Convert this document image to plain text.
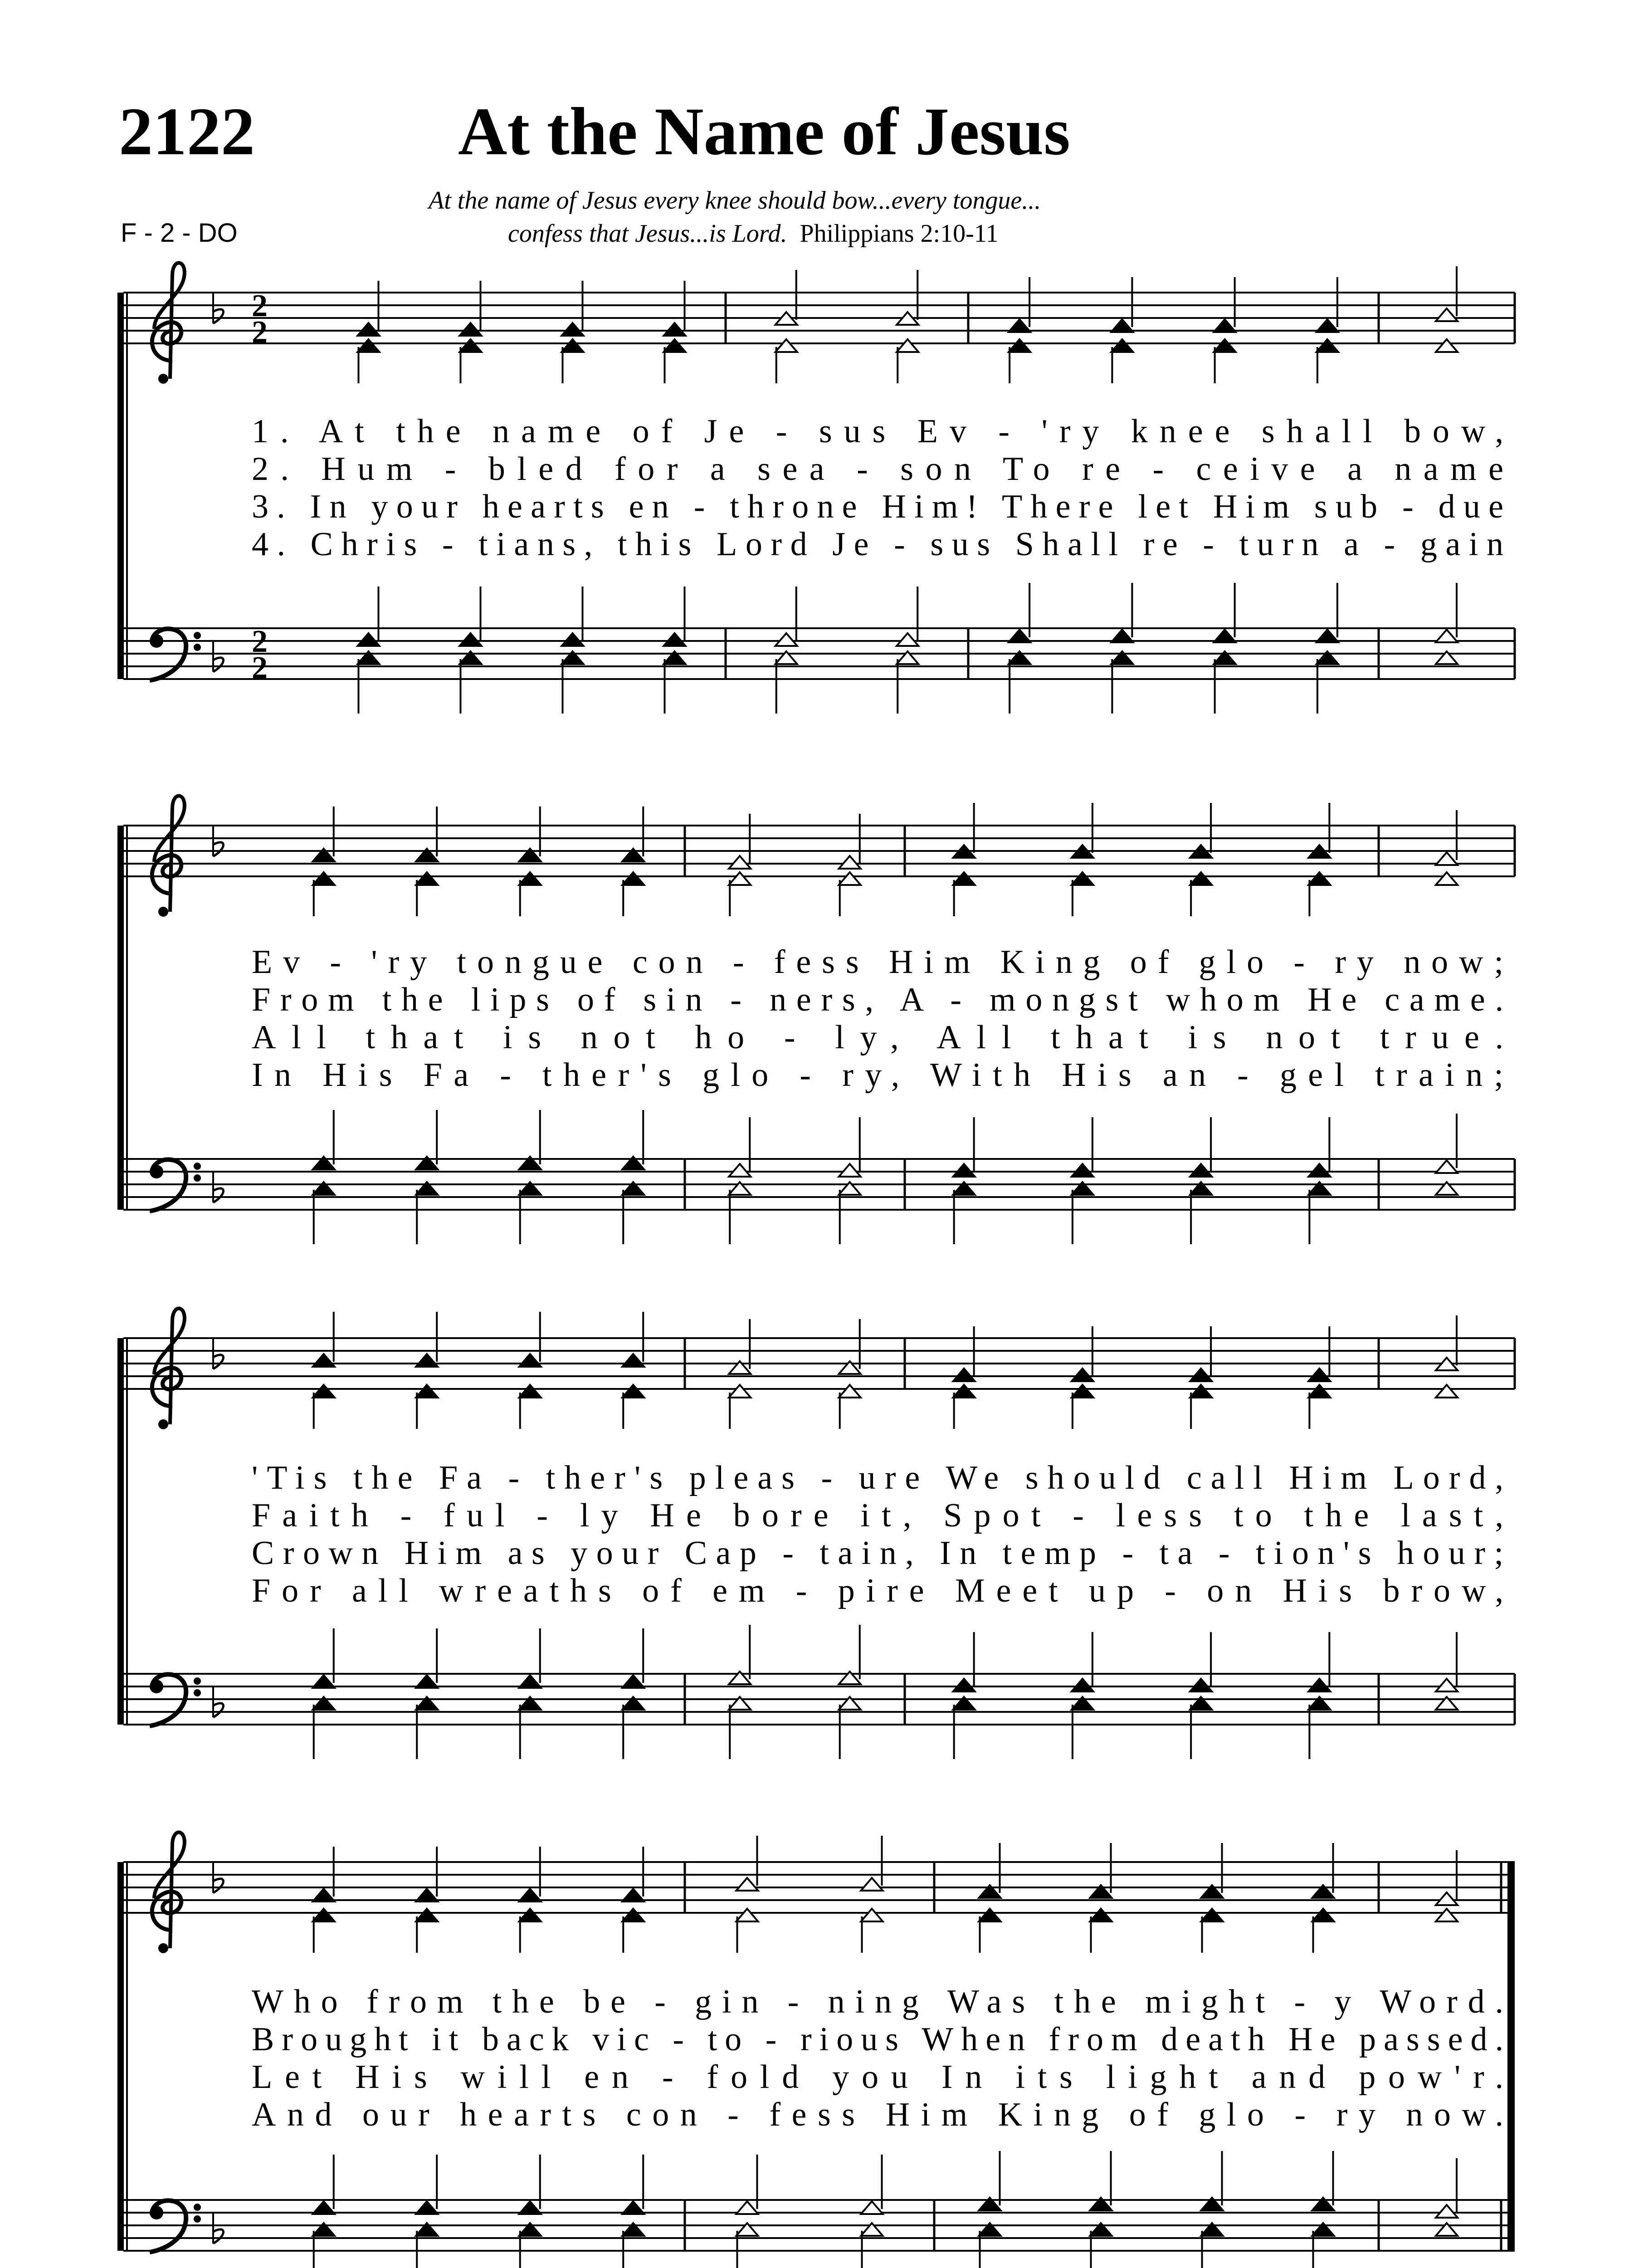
2122	At the Name of Jesus
F - 2 - DO
At the name of Jesus every knee should bow...every tongue...
confess that Jesus...is Lord. Philippians 2:10-11
2
2
2
2
1. At the name of Je - sus Ev - 'ry knee shall bow,
2. Hum - bled for a sea - son To re - ceive a name
3. In your hearts en - throne Him! There let Him sub - due
4. Chris - tians, this Lord Je - sus Shall re - turn a - gain
Ev - 'ry tongue con - fess Him King of glo - ry now;
From the lips of sin - ners, A - mongst whom He came.
All that is not ho - ly, All that is not true.
In His Fa - ther's glo - ry, With His an - gel train;
'Tis the Fa - ther's pleas - ure We should call Him Lord,
Faith - ful - ly He bore it, Spot - less to the last,
Crown Him as your Cap - tain, In temp - ta - tion's hour;
For all wreaths of em - pire Meet up - on His brow,
Who from the be - gin - ning Was the might - y Word.
Brought it back vic - to - rious When from death He passed.
Let His will en - fold you In its light and pow'r.
And our hearts con - fess Him King of glo - ry now.
